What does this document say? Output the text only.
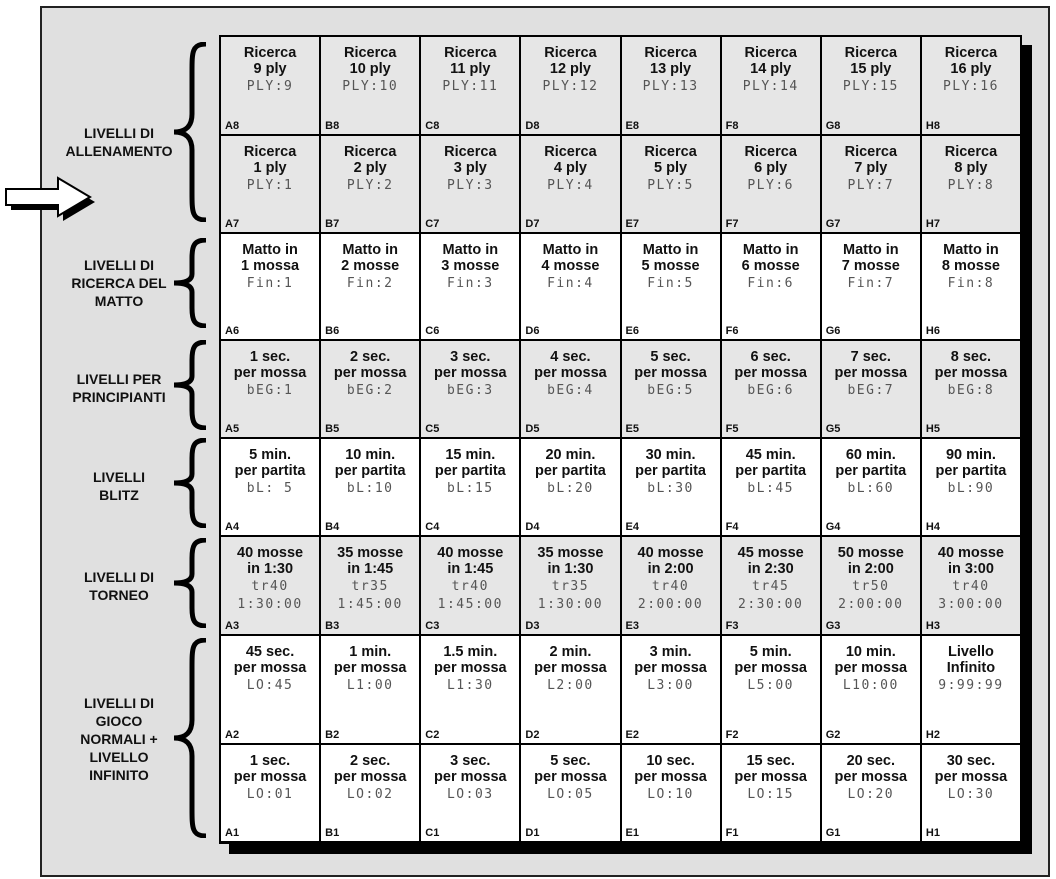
LIVELLI DI
ALLENAMENTO
LIVELLI DI
RICERCA DEL
MATTO
LIVELLI PER
PRINCIPIANTI
LIVELLI
BLITZ
LIVELLI DI
TORNEO
LIVELLI DI
GIOCO
NORMALI +
LIVELLO
INFINITO
Ricerca
9 ply
PLY:9
A8
Ricerca
10 ply
PLY:10
B8
Ricerca
11 ply
PLY:11
C8
Ricerca
12 ply
PLY:12
D8
Ricerca
13 ply
PLY:13
E8
Ricerca
14 ply
PLY:14
F8
Ricerca
15 ply
PLY:15
G8
Ricerca
16 ply
PLY:16
H8
Ricerca
1 ply
PLY:1
A7
Ricerca
2 ply
PLY:2
B7
Ricerca
3 ply
PLY:3
C7
Ricerca
4 ply
PLY:4
D7
Ricerca
5 ply
PLY:5
E7
Ricerca
6 ply
PLY:6
F7
Ricerca
7 ply
PLY:7
G7
Ricerca
8 ply
PLY:8
H7
Matto in
1 mossa
Fin:1
A6
Matto in
2 mosse
Fin:2
B6
Matto in
3 mosse
Fin:3
C6
Matto in
4 mosse
Fin:4
D6
Matto in
5 mosse
Fin:5
E6
Matto in
6 mosse
Fin:6
F6
Matto in
7 mosse
Fin:7
G6
Matto in
8 mosse
Fin:8
H6
1 sec.
per mossa
bEG:1
A5
2 sec.
per mossa
bEG:2
B5
3 sec.
per mossa
bEG:3
C5
4 sec.
per mossa
bEG:4
D5
5 sec.
per mossa
bEG:5
E5
6 sec.
per mossa
bEG:6
F5
7 sec.
per mossa
bEG:7
G5
8 sec.
per mossa
bEG:8
H5
5 min.
per partita
bL: 5
A4
10 min.
per partita
bL:10
B4
15 min.
per partita
bL:15
C4
20 min.
per partita
bL:20
D4
30 min.
per partita
bL:30
E4
45 min.
per partita
bL:45
F4
60 min.
per partita
bL:60
G4
90 min.
per partita
bL:90
H4
40 mosse
in 1:30
tr40
1:30:00
A3
35 mosse
in 1:45
tr35
1:45:00
B3
40 mosse
in 1:45
tr40
1:45:00
C3
35 mosse
in 1:30
tr35
1:30:00
D3
40 mosse
in 2:00
tr40
2:00:00
E3
45 mosse
in 2:30
tr45
2:30:00
F3
50 mosse
in 2:00
tr50
2:00:00
G3
40 mosse
in 3:00
tr40
3:00:00
H3
45 sec.
per mossa
LO:45
A2
1 min.
per mossa
L1:00
B2
1.5 min.
per mossa
L1:30
C2
2 min.
per mossa
L2:00
D2
3 min.
per mossa
L3:00
E2
5 min.
per mossa
L5:00
F2
10 min.
per mossa
L10:00
G2
Livello
Infinito
9:99:99
H2
1 sec.
per mossa
LO:01
A1
2 sec.
per mossa
LO:02
B1
3 sec.
per mossa
LO:03
C1
5 sec.
per mossa
LO:05
D1
10 sec.
per mossa
LO:10
E1
15 sec.
per mossa
LO:15
F1
20 sec.
per mossa
LO:20
G1
30 sec.
per mossa
LO:30
H1
